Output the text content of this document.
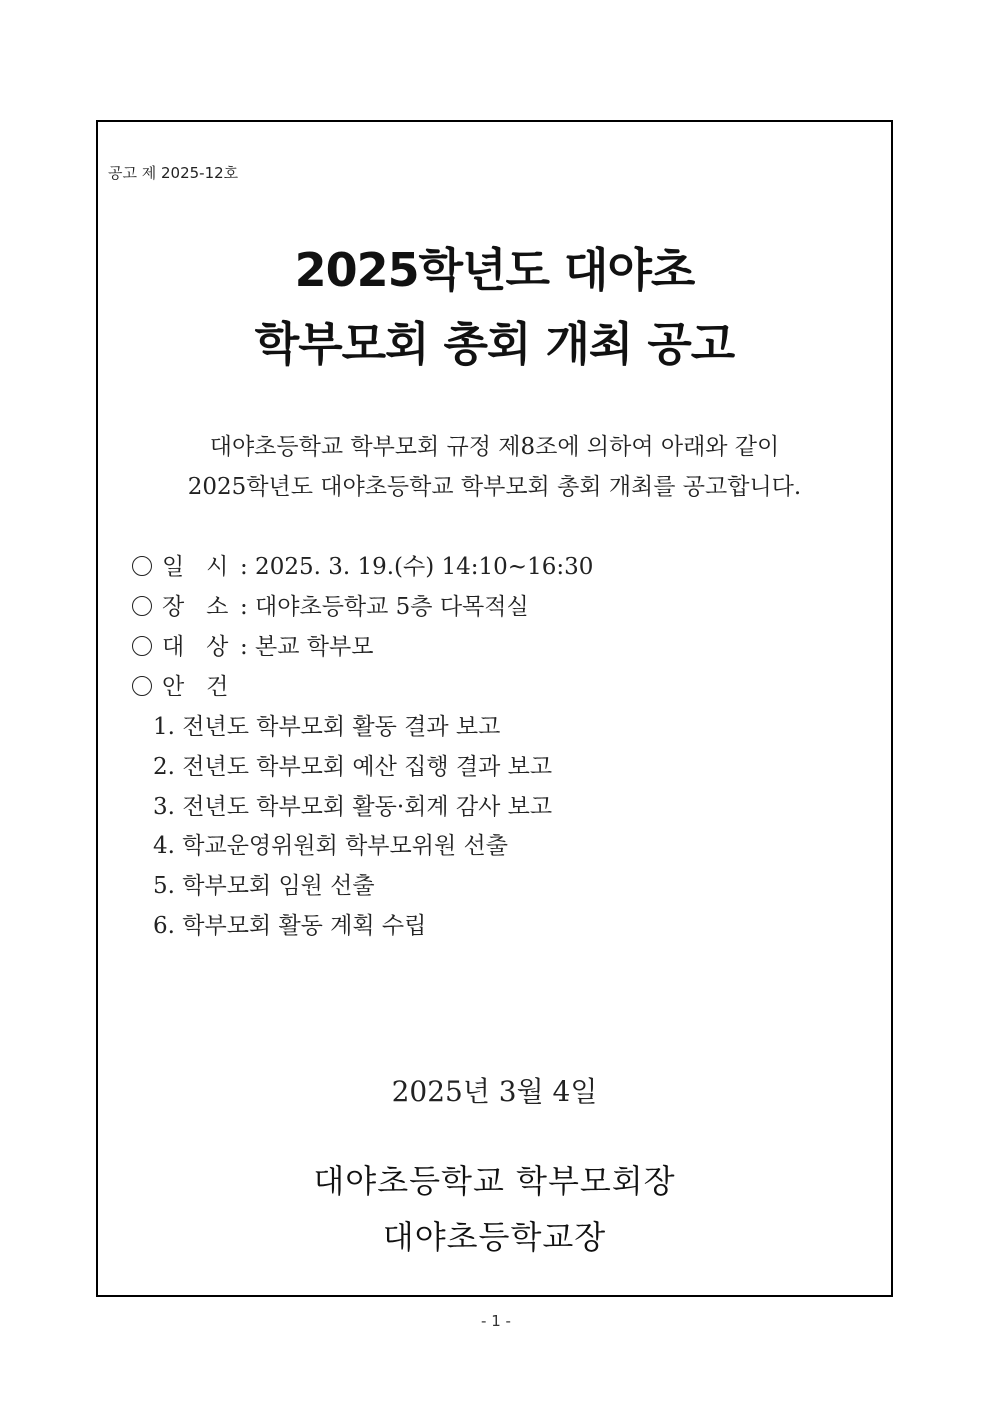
공고 제 2025-12호
2025학년도 대야초
학부모회 총회 개최 공고
대야초등학교 학부모회 규정 제8조에 의하여 아래와 같이
2025학년도 대야초등학교 학부모회 총회 개최를 공고합니다.
일   시 : 2025. 3. 19.(수) 14:10~16:30
장   소 : 대야초등학교 5층 다목적실
대   상 : 본교 학부모
안   건
1. 전년도 학부모회 활동 결과 보고
2. 전년도 학부모회 예산 집행 결과 보고
3. 전년도 학부모회 활동·회계 감사 보고
4. 학교운영위원회 학부모위원 선출
5. 학부모회 임원 선출
6. 학부모회 활동 계획 수립
2025년 3월 4일
대야초등학교 학부모회장
대야초등학교장
- 1 -
